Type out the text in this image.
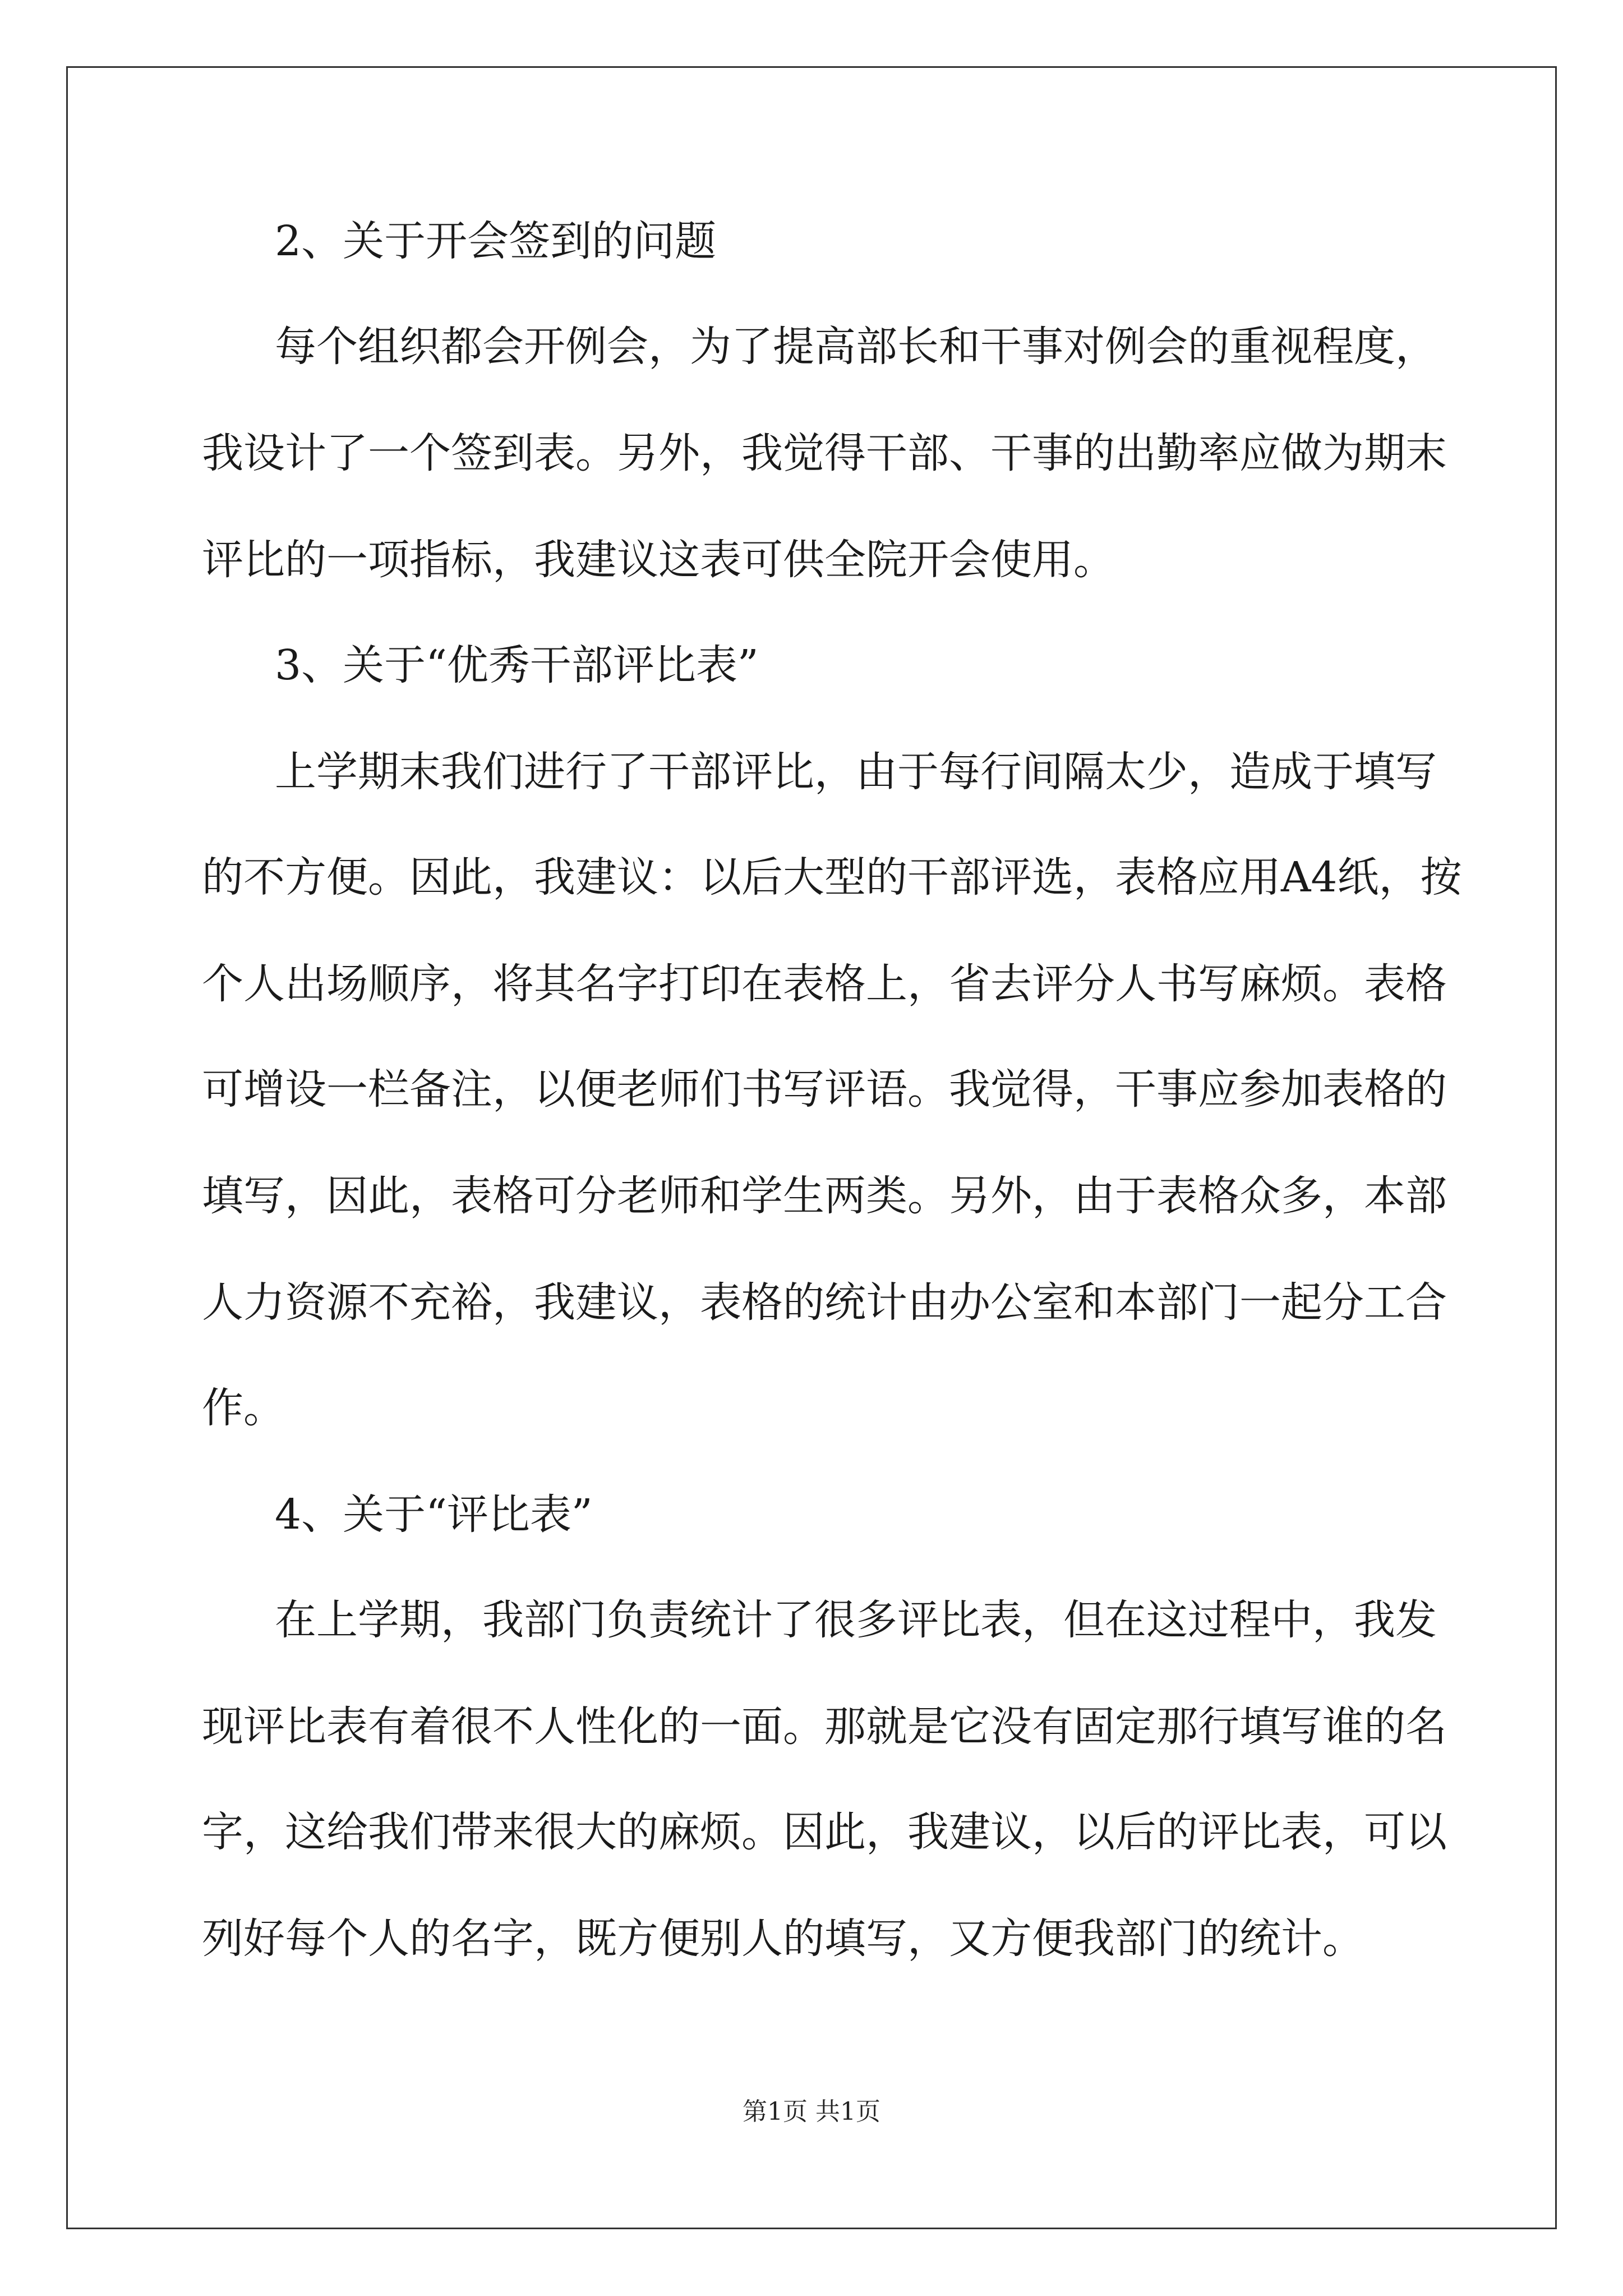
2、关于开会签到的问题
每个组织都会开例会，为了提高部长和干事对例会的重视程度，
我设计了一个签到表。另外，我觉得干部、干事的出勤率应做为期末
评比的一项指标，我建议这表可供全院开会使用。
3、关于“优秀干部评比表”
上学期末我们进行了干部评比，由于每行间隔太少，造成于填写
的不方便。因此，我建议：以后大型的干部评选，表格应用A4纸，按
个人出场顺序，将其名字打印在表格上，省去评分人书写麻烦。表格
可增设一栏备注，以便老师们书写评语。我觉得，干事应参加表格的
填写，因此，表格可分老师和学生两类。另外，由于表格众多，本部
人力资源不充裕，我建议，表格的统计由办公室和本部门一起分工合
作。
4、关于“评比表”
在上学期，我部门负责统计了很多评比表，但在这过程中，我发
现评比表有着很不人性化的一面。那就是它没有固定那行填写谁的名
字，这给我们带来很大的麻烦。因此，我建议，以后的评比表，可以
列好每个人的名字，既方便别人的填写，又方便我部门的统计。
第1页 共1页
